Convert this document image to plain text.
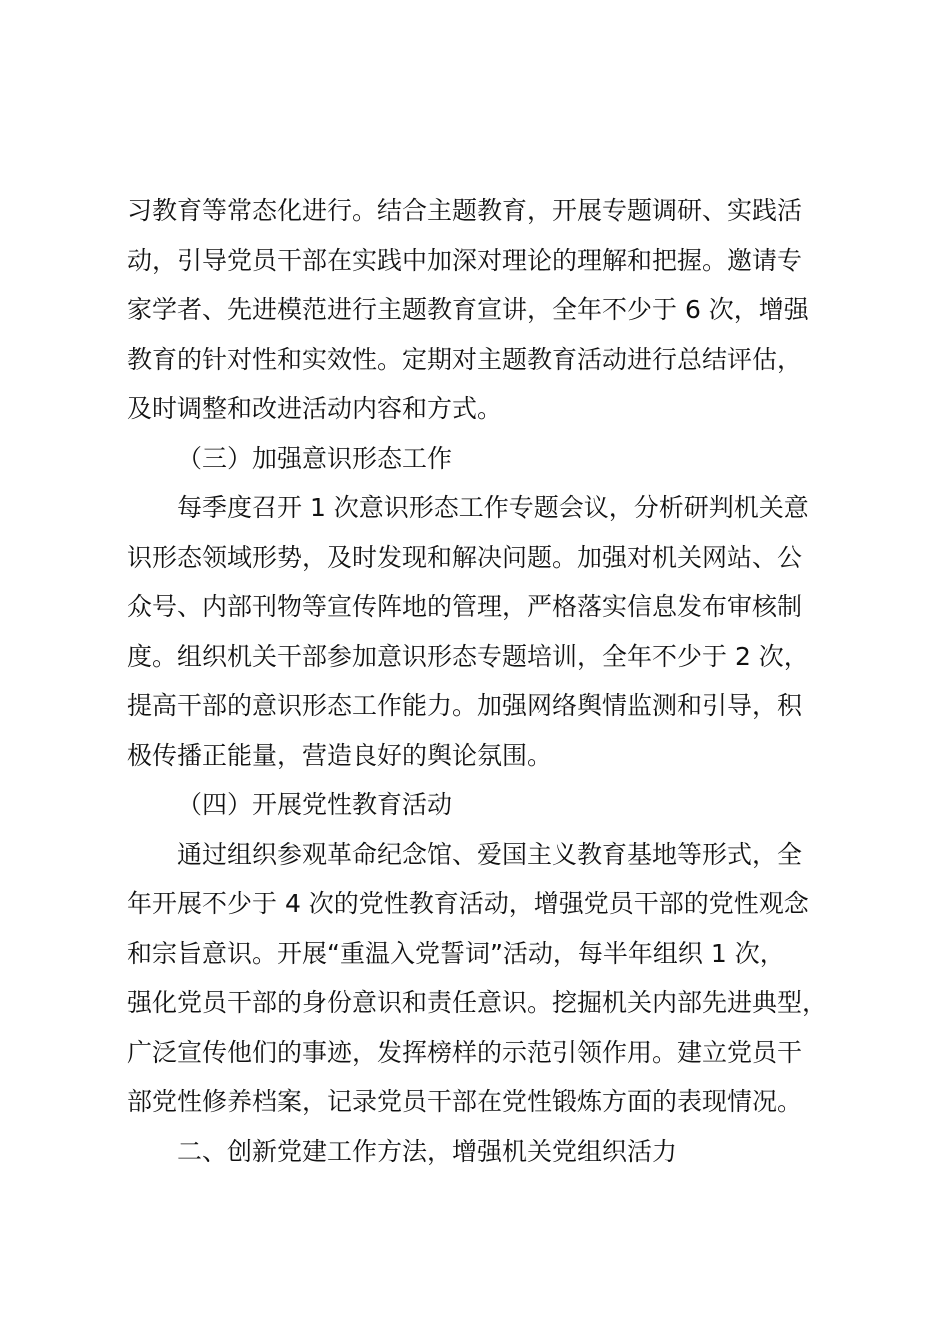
习教育等常态化进行。结合主题教育，开展专题调研、实践活
动，引导党员干部在实践中加深对理论的理解和把握。邀请专
家学者、先进模范进行主题教育宣讲，全年不少于 6 次，增强
教育的针对性和实效性。定期对主题教育活动进行总结评估，
及时调整和改进活动内容和方式。
（三）加强意识形态工作
每季度召开 1 次意识形态工作专题会议，分析研判机关意
识形态领域形势，及时发现和解决问题。加强对机关网站、公
众号、内部刊物等宣传阵地的管理，严格落实信息发布审核制
度。组织机关干部参加意识形态专题培训，全年不少于 2 次，
提高干部的意识形态工作能力。加强网络舆情监测和引导，积
极传播正能量，营造良好的舆论氛围。
（四）开展党性教育活动
通过组织参观革命纪念馆、爱国主义教育基地等形式，全
年开展不少于 4 次的党性教育活动，增强党员干部的党性观念
和宗旨意识。开展“重温入党誓词”活动，每半年组织 1 次，
强化党员干部的身份意识和责任意识。挖掘机关内部先进典型，
广泛宣传他们的事迹，发挥榜样的示范引领作用。建立党员干
部党性修养档案，记录党员干部在党性锻炼方面的表现情况。
二、创新党建工作方法，增强机关党组织活力
